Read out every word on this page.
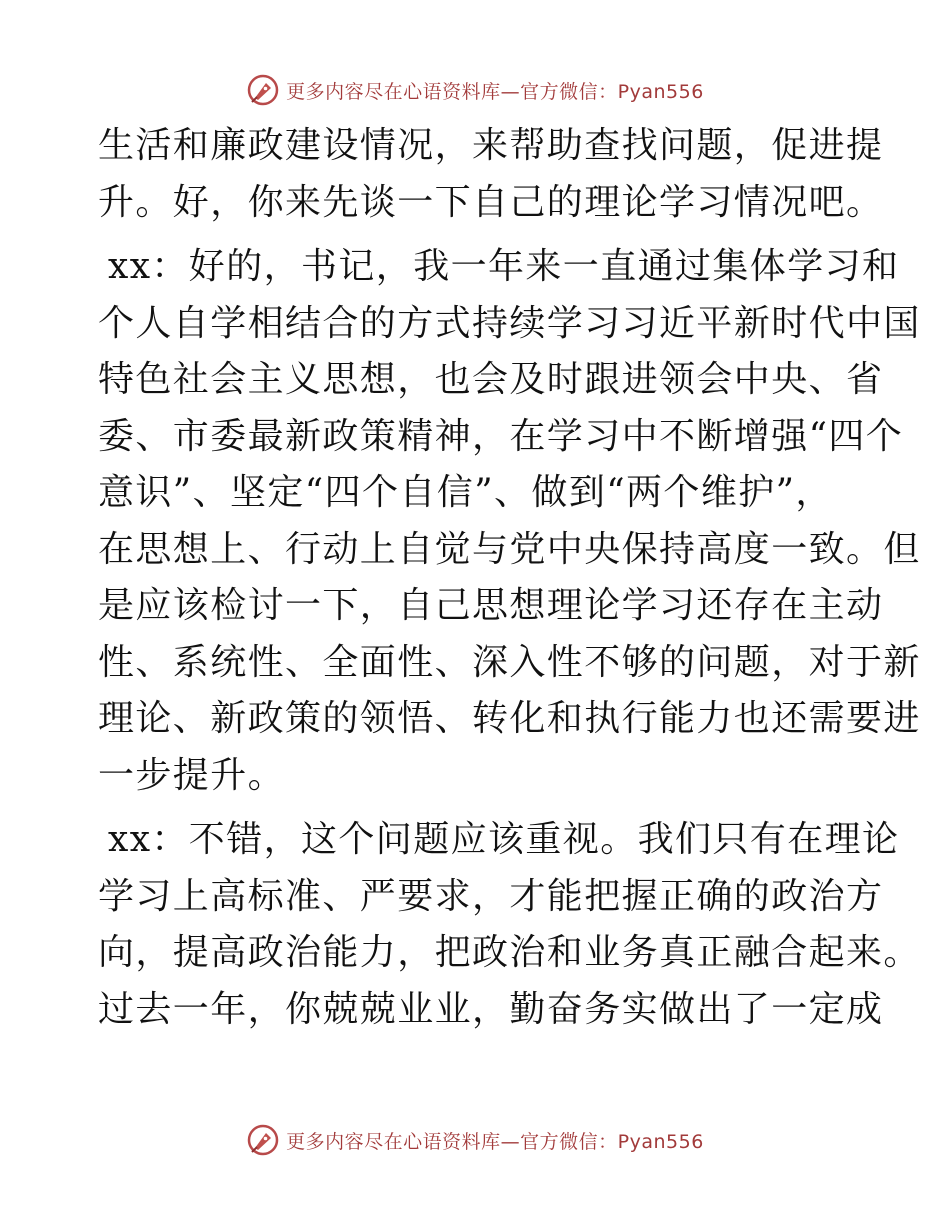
更多内容尽在心语资料库—官方微信：Pyan556

生活和廉政建设情况，来帮助查找问题，促进提
升。好，你来先谈一下自己的理论学习情况吧。

xx：好的，书记，我一年来一直通过集体学习和
个人自学相结合的方式持续学习习近平新时代中国
特色社会主义思想，也会及时跟进领会中央、省
委、市委最新政策精神，在学习中不断增强“四个
意识”、坚定“四个自信”、做到“两个维护”，
在思想上、行动上自觉与党中央保持高度一致。但
是应该检讨一下，自己思想理论学习还存在主动
性、系统性、全面性、深入性不够的问题，对于新
理论、新政策的领悟、转化和执行能力也还需要进
一步提升。

xx：不错，这个问题应该重视。我们只有在理论
学习上高标准、严要求，才能把握正确的政治方
向，提高政治能力，把政治和业务真正融合起来。
过去一年，你兢兢业业，勤奋务实做出了一定成

更多内容尽在心语资料库—官方微信：Pyan556
